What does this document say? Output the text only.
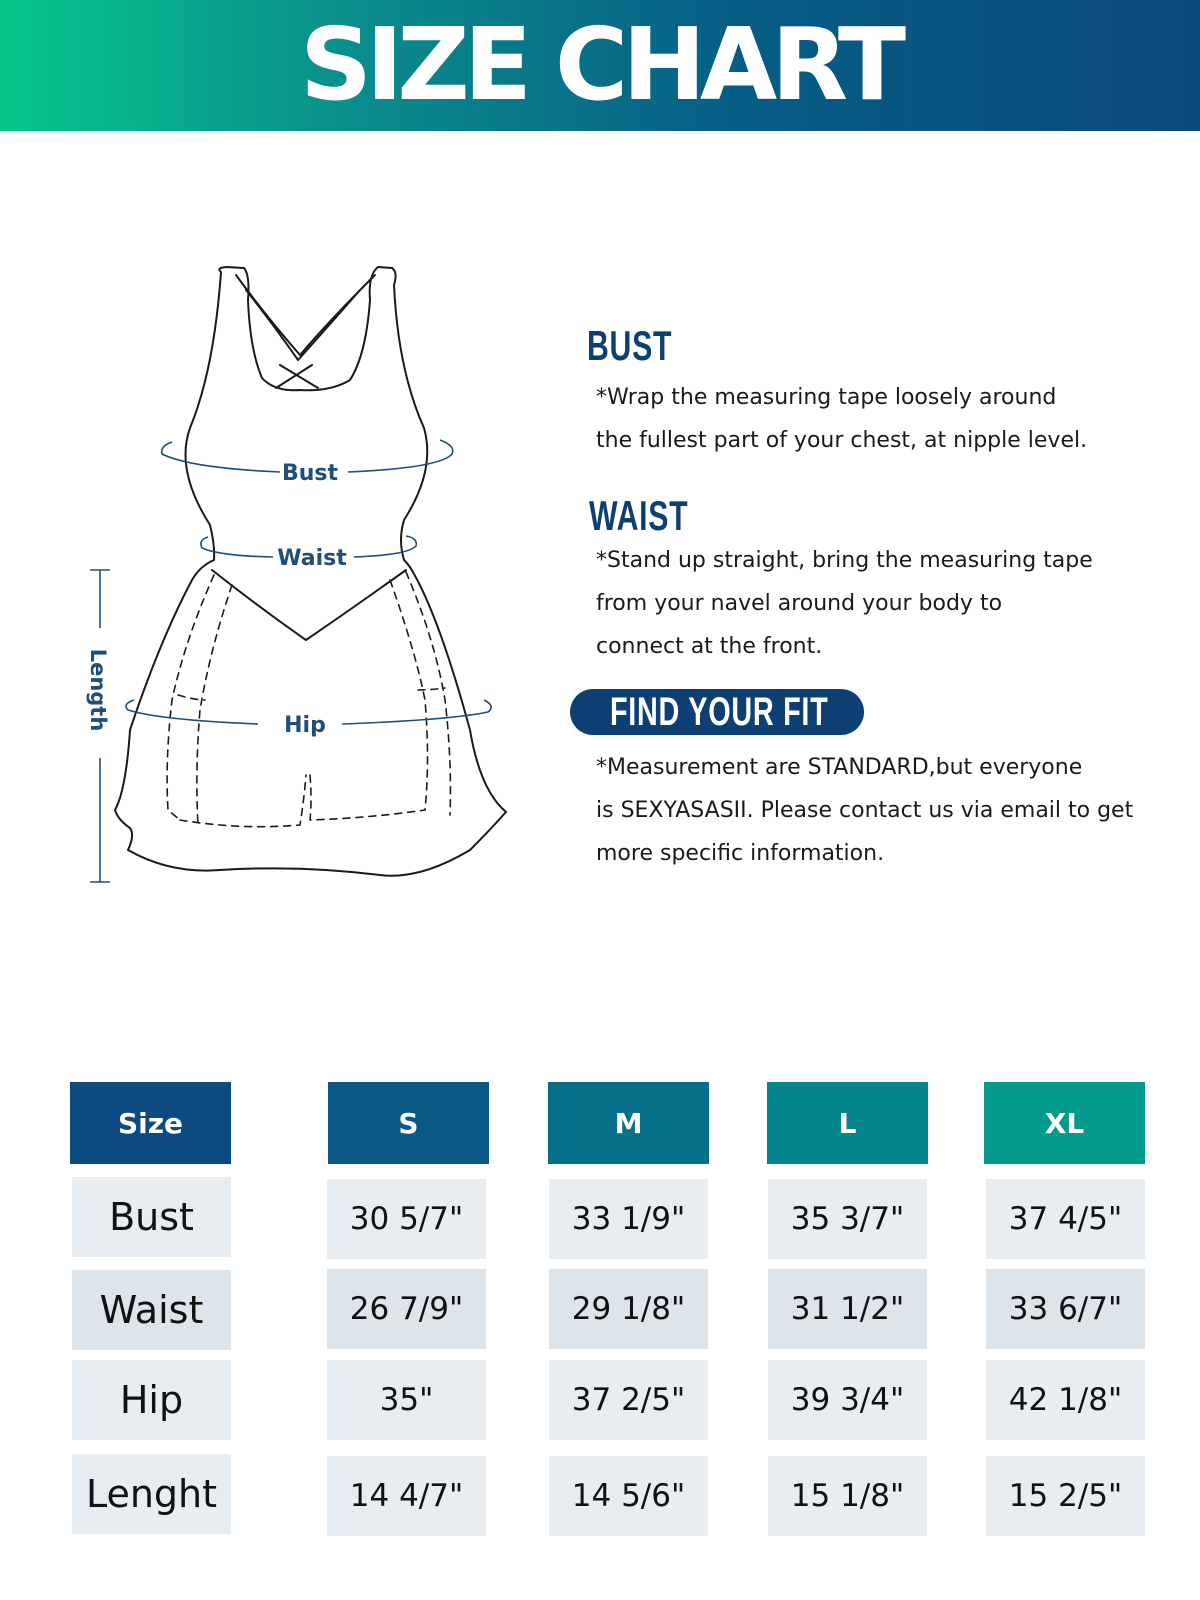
SIZE CHART
Bust
Waist
Hip
Length
BUST
*Wrap the measuring tape loosely around
the fullest part of your chest, at nipple level.
WAIST
*Stand up straight, bring the measuring tape
from your navel around your body to
connect at the front.
FIND YOUR FIT
*Measurement are STANDARD,but everyone
is SEXYASASII. Please contact us via email to get
more specific information.
Size	S	M	L	XL
Bust	30 5/7"	33 1/9"	35 3/7"	37 4/5"
Waist	26 7/9"	29 1/8"	31 1/2"	33 6/7"
Hip	35"	37 2/5"	39 3/4"	42 1/8"
Lenght	14 4/7"	14 5/6"	15 1/8"	15 2/5"
